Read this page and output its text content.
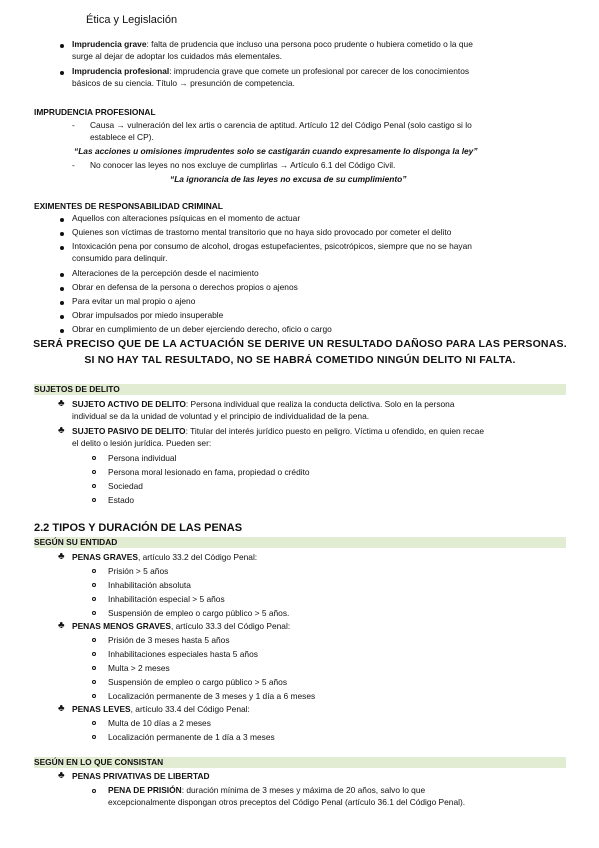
Ética y Legislación
Imprudencia grave: falta de prudencia que incluso una persona poco prudente o hubiera cometido o la que
surge al dejar de adoptar los cuidados más elementales.
Imprudencia profesional: imprudencia grave que comete un profesional por carecer de los conocimientos
básicos de su ciencia. Título → presunción de competencia.
IMPRUDENCIA PROFESIONAL
- Causa → vulneración del lex artis o carencia de aptitud. Artículo 12 del Código Penal (solo castigo si lo
establece el CP).
“Las acciones u omisiones imprudentes solo se castigarán cuando expresamente lo disponga la ley”
- No conocer las leyes no nos excluye de cumplirlas → Artículo 6.1 del Código Civil.
“La ignorancia de las leyes no excusa de su cumplimiento”
EXIMENTES DE RESPONSABILIDAD CRIMINAL
Aquellos con alteraciones psíquicas en el momento de actuar
Quienes son víctimas de trastorno mental transitorio que no haya sido provocado por cometer el delito
Intoxicación pena por consumo de alcohol, drogas estupefacientes, psicotrópicos, siempre que no se hayan
consumido para delinquir.
Alteraciones de la percepción desde el nacimiento
Obrar en defensa de la persona o derechos propios o ajenos
Para evitar un mal propio o ajeno
Obrar impulsados por miedo insuperable
Obrar en cumplimiento de un deber ejerciendo derecho, oficio o cargo
SERÁ PRECISO QUE DE LA ACTUACIÓN SE DERIVE UN RESULTADO DAÑOSO PARA LAS PERSONAS.
SI NO HAY TAL RESULTADO, NO SE HABRÁ COMETIDO NINGÚN DELITO NI FALTA.
SUJETOS DE DELITO
♣ SUJETO ACTIVO DE DELITO: Persona individual que realiza la conducta delictiva. Solo en la persona
individual se da la unidad de voluntad y el principio de individualidad de la pena.
♣ SUJETO PASIVO DE DELITO: Titular del interés jurídico puesto en peligro. Víctima u ofendido, en quien recae
el delito o lesión jurídica. Pueden ser:
Persona individual
Persona moral lesionado en fama, propiedad o crédito
Sociedad
Estado
2.2 TIPOS Y DURACIÓN DE LAS PENAS
SEGÚN SU ENTIDAD
♣ PENAS GRAVES, artículo 33.2 del Código Penal:
Prisión > 5 años
Inhabilitación absoluta
Inhabilitación especial > 5 años
Suspensión de empleo o cargo público > 5 años.
♣ PENAS MENOS GRAVES, artículo 33.3 del Código Penal:
Prisión de 3 meses hasta 5 años
Inhabilitaciones especiales hasta 5 años
Multa > 2 meses
Suspensión de empleo o cargo público > 5 años
Localización permanente de 3 meses y 1 día a 6 meses
♣ PENAS LEVES, artículo 33.4 del Código Penal:
Multa de 10 días a 2 meses
Localización permanente de 1 día a 3 meses
SEGÚN EN LO QUE CONSISTAN
♣ PENAS PRIVATIVAS DE LIBERTAD
PENA DE PRISIÓN: duración mínima de 3 meses y máxima de 20 años, salvo lo que
excepcionalmente dispongan otros preceptos del Código Penal (artículo 36.1 del Código Penal).
